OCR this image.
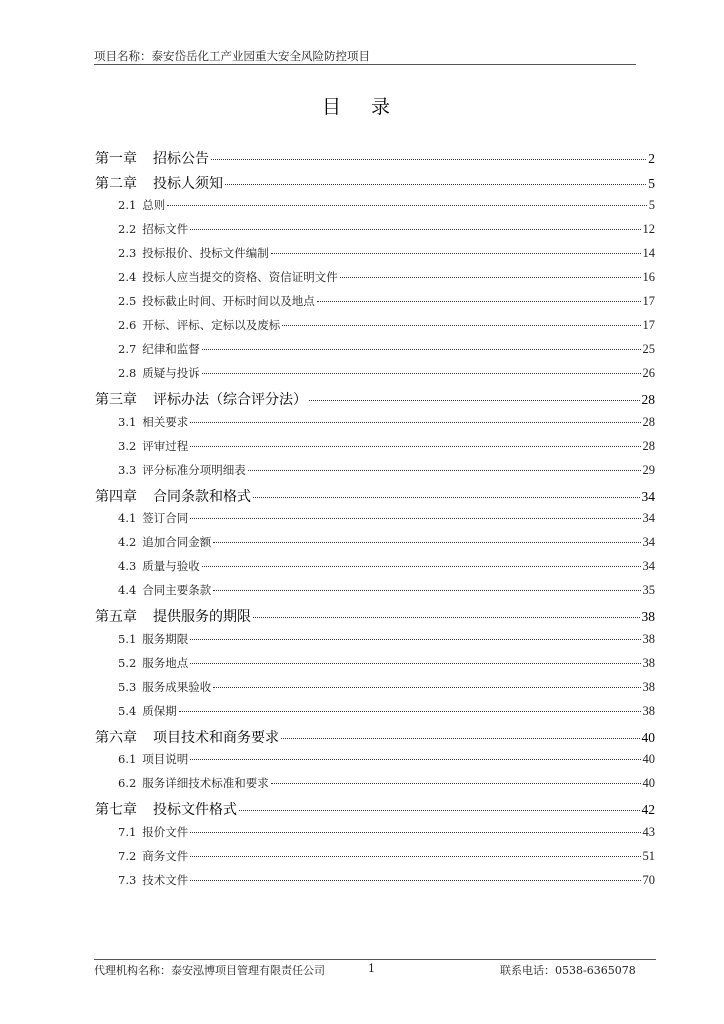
项目名称：泰安岱岳化工产业园重大安全风险防控项目
目 录
第一章 招标公告	2
第二章 投标人须知	5
2.1 总则	5
2.2 招标文件	12
2.3 投标报价、投标文件编制	14
2.4 投标人应当提交的资格、资信证明文件	16
2.5 投标截止时间、开标时间以及地点	17
2.6 开标、评标、定标以及废标	17
2.7 纪律和监督	25
2.8 质疑与投诉	26
第三章 评标办法（综合评分法）	28
3.1 相关要求	28
3.2 评审过程	28
3.3 评分标准分项明细表	29
第四章 合同条款和格式	34
4.1 签订合同	34
4.2 追加合同金额	34
4.3 质量与验收	34
4.4 合同主要条款	35
第五章 提供服务的期限	38
5.1 服务期限	38
5.2 服务地点	38
5.3 服务成果验收	38
5.4 质保期	38
第六章 项目技术和商务要求	40
6.1 项目说明	40
6.2 服务详细技术标准和要求	40
第七章 投标文件格式	42
7.1 报价文件	43
7.2 商务文件	51
7.3 技术文件	70
代理机构名称：泰安泓博项目管理有限责任公司	1	联系电话：0538-6365078
